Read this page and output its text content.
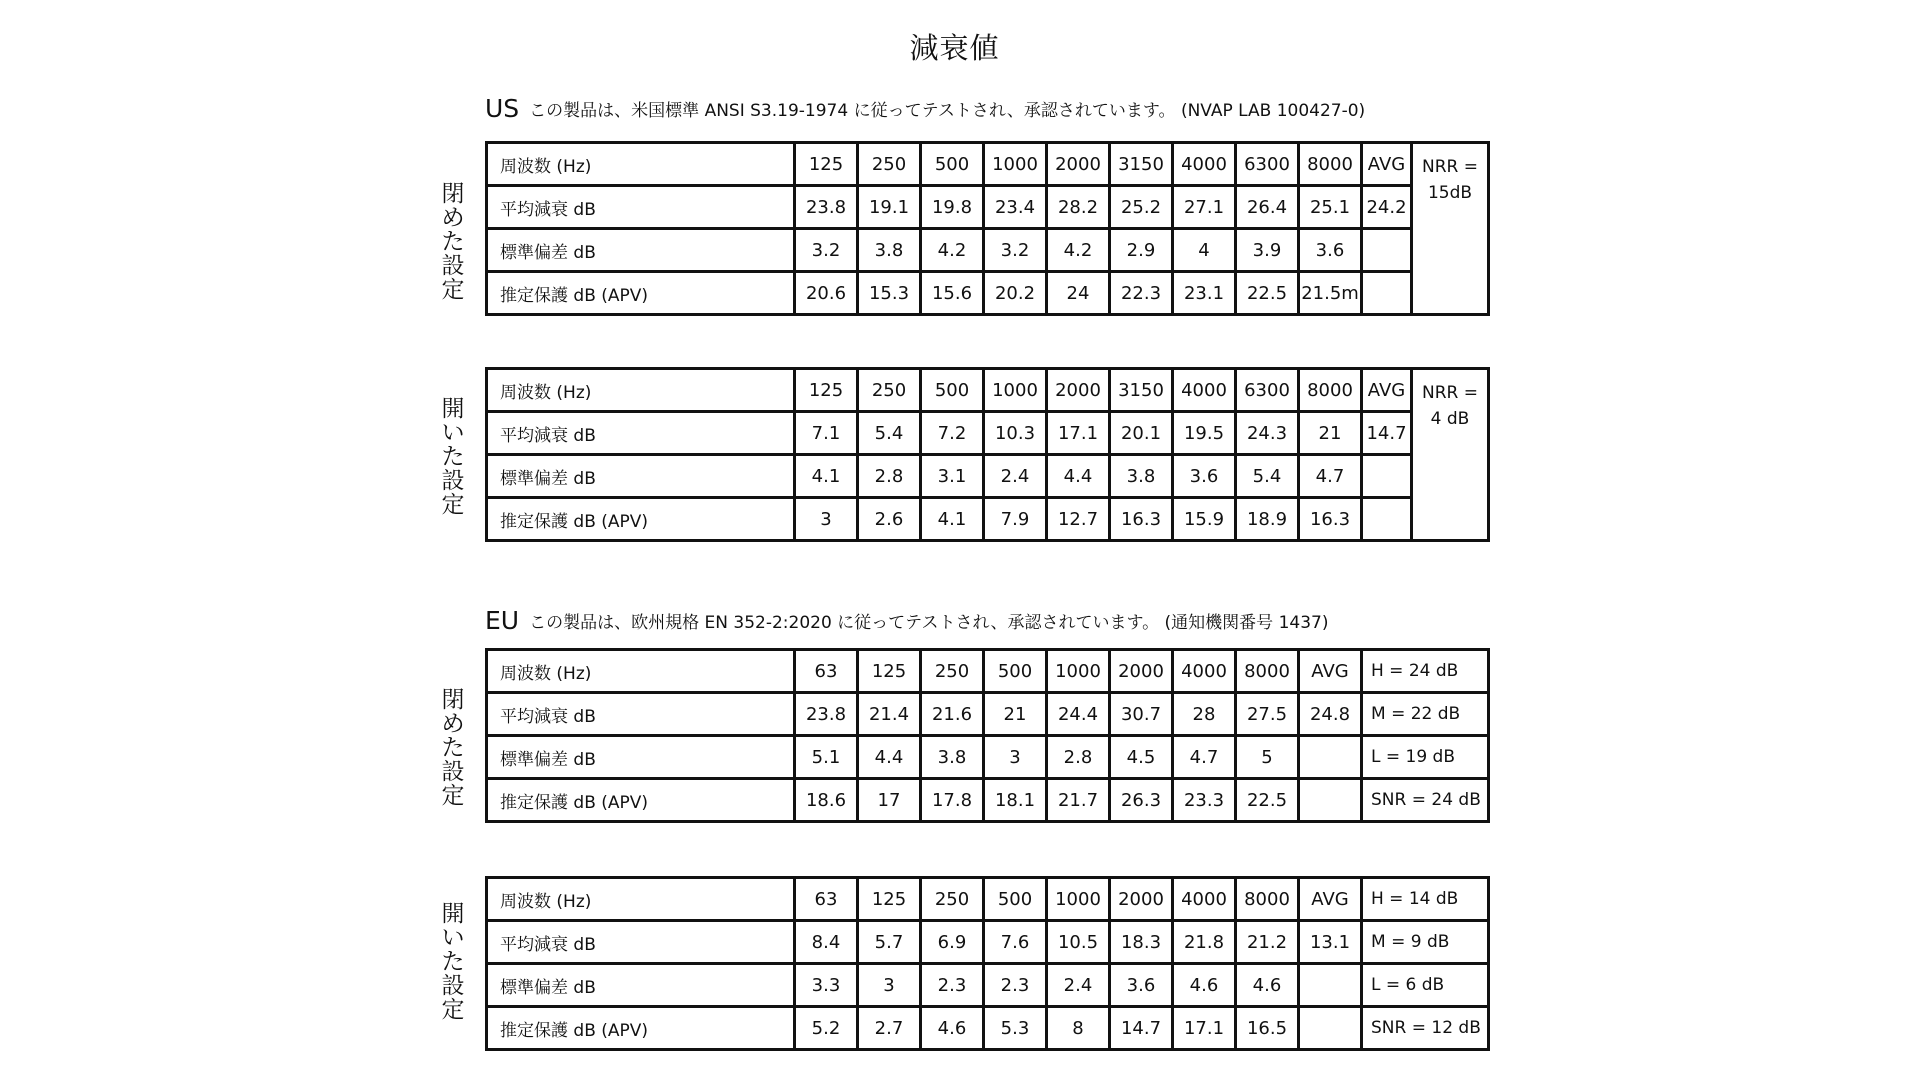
減衰値
US この製品は、米国標準 ANSI S3.19-1974 に従ってテストされ、承認されています。 (NVAP LAB 100427-0)
閉
め
た
設
定
周波数 (Hz)	125	250	500	1000	2000	3150	4000	6300	8000	AVG	NRR =
15dB

平均減衰 dB	23.8	19.1	19.8	23.4	28.2	25.2	27.1	26.4	25.1	24.2	
標準偏差 dB	3.2	3.8	4.2	3.2	4.2	2.9	4	3.9	3.6		
推定保護 dB (APV)	20.6	15.3	15.6	20.2	24	22.3	23.1	22.5	21.5m		
開
い
た
設
定
周波数 (Hz)	125	250	500	1000	2000	3150	4000	6300	8000	AVG	NRR =
4 dB

平均減衰 dB	7.1	5.4	7.2	10.3	17.1	20.1	19.5	24.3	21	14.7	
標準偏差 dB	4.1	2.8	3.1	2.4	4.4	3.8	3.6	5.4	4.7		
推定保護 dB (APV)	3	2.6	4.1	7.9	12.7	16.3	15.9	18.9	16.3		
EU この製品は、欧州規格 EN 352-2:2020 に従ってテストされ、承認されています。 (通知機関番号 1437)
閉
め
た
設
定
周波数 (Hz)	63	125	250	500	1000	2000	4000	8000	AVG	H = 24 dB
平均減衰 dB	23.8	21.4	21.6	21	24.4	30.7	28	27.5	24.8	M = 22 dB
標準偏差 dB	5.1	4.4	3.8	3	2.8	4.5	4.7	5		L = 19 dB
推定保護 dB (APV)	18.6	17	17.8	18.1	21.7	26.3	23.3	22.5		SNR = 24 dB
開
い
た
設
定
周波数 (Hz)	63	125	250	500	1000	2000	4000	8000	AVG	H = 14 dB
平均減衰 dB	8.4	5.7	6.9	7.6	10.5	18.3	21.8	21.2	13.1	M = 9 dB
標準偏差 dB	3.3	3	2.3	2.3	2.4	3.6	4.6	4.6		L = 6 dB
推定保護 dB (APV)	5.2	2.7	4.6	5.3	8	14.7	17.1	16.5		SNR = 12 dB
